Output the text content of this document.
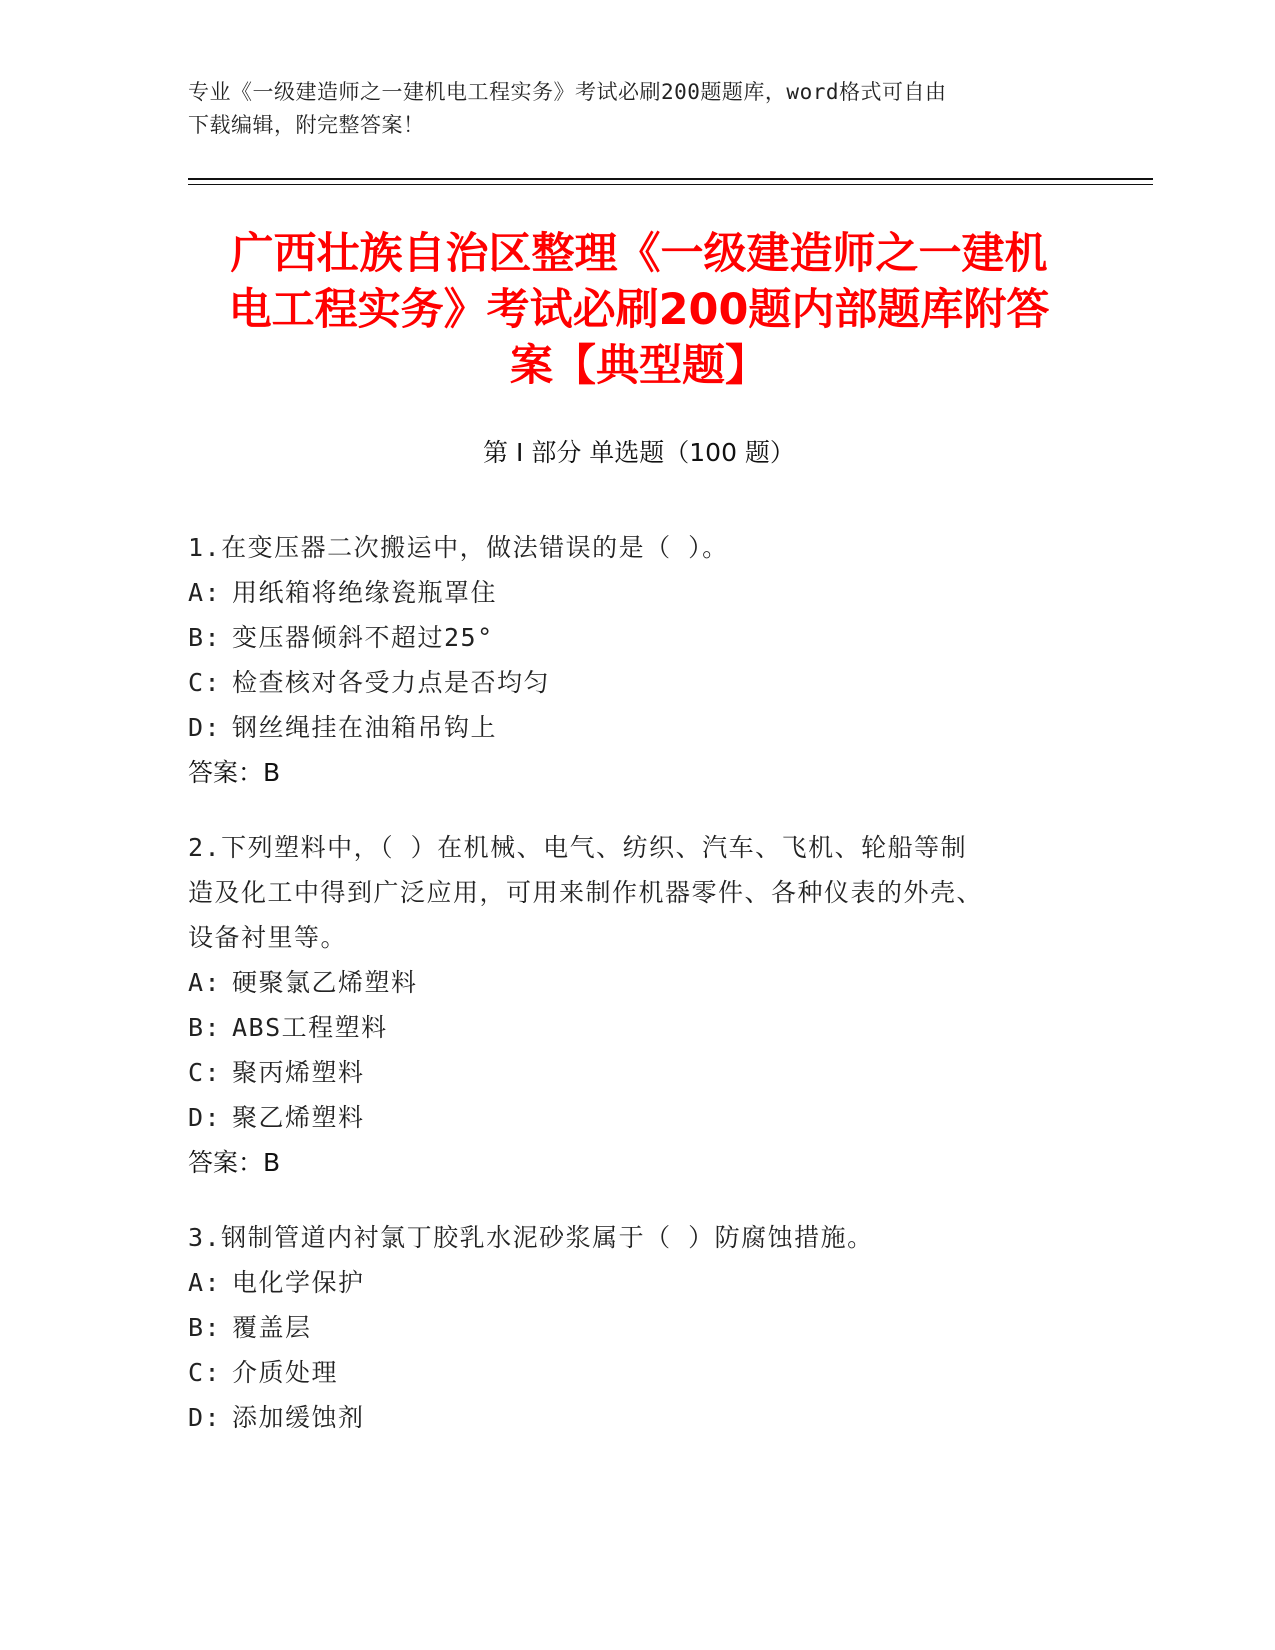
专业《一级建造师之一建机电工程实务》考试必刷200题题库，word格式可自由
下载编辑，附完整答案！
广西壮族自治区整理《一级建造师之一建机
电工程实务》考试必刷200题内部题库附答
案【典型题】
第 I 部分 单选题（100 题）

1.在变压器二次搬运中，做法错误的是（ ）。

A: 用纸箱将绝缘瓷瓶罩住
B: 变压器倾斜不超过25°
C: 检查核对各受力点是否均匀
D: 钢丝绳挂在油箱吊钩上

答案：B

2.下列塑料中，（ ）在机械、电气、纺织、汽车、飞机、轮船等制

造及化工中得到广泛应用，可用来制作机器零件、各种仪表的外壳、

设备衬里等。

A: 硬聚氯乙烯塑料
B: ABS工程塑料
C: 聚丙烯塑料
D: 聚乙烯塑料

答案：B

3.钢制管道内衬氯丁胶乳水泥砂浆属于（ ）防腐蚀措施。

A: 电化学保护
B: 覆盖层
C: 介质处理
D: 添加缓蚀剂
